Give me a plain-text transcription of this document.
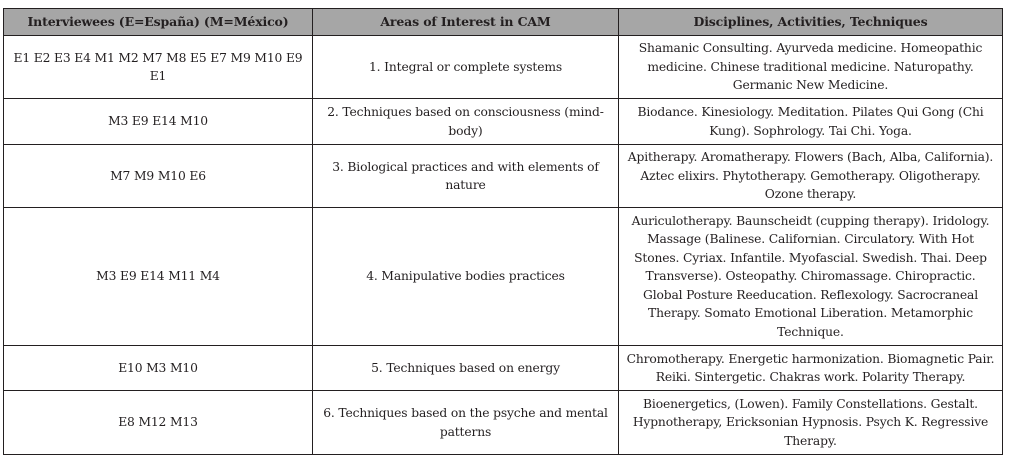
Interviewees (E=España) (M=México)	Areas of Interest in CAM	Disciplines, Activities, Techniques
E1 E2 E3 E4 M1 M2 M7 M8 E5 E7 M9 M10 E9 E1	1. Integral or complete systems	Shamanic Consulting. Ayurveda medicine. Homeopathic medicine. Chinese traditional medicine. Naturopathy. Germanic New Medicine.
M3 E9 E14 M10	2. Techniques based on consciousness (mind-body)	Biodance. Kinesiology. Meditation. Pilates Qui Gong (Chi Kung). Sophrology. Tai Chi. Yoga.
M7 M9 M10 E6	3. Biological practices and with elements of nature	Apitherapy. Aromatherapy. Flowers (Bach, Alba, California). Aztec elixirs. Phytotherapy. Gemotherapy. Oligotherapy. Ozone therapy.
M3 E9 E14 M11 M4	4. Manipulative bodies practices	Auriculotherapy. Baunscheidt (cupping therapy). Iridology. Massage (Balinese. Californian. Circulatory. With Hot Stones. Cyriax. Infantile. Myofascial. Swedish. Thai. Deep Transverse). Osteopathy. Chiromassage. Chiropractic. Global Posture Reeducation. Reflexology. Sacrocraneal Therapy. Somato Emotional Liberation. Metamorphic Technique.
E10 M3 M10	5. Techniques based on energy	Chromotherapy. Energetic harmonization. Biomagnetic Pair. Reiki. Sintergetic. Chakras work. Polarity Therapy.
E8 M12 M13	6. Techniques based on the psyche and mental patterns	Bioenergetics, (Lowen). Family Constellations. Gestalt. Hypnotherapy, Ericksonian Hypnosis. Psych K. Regressive Therapy.
